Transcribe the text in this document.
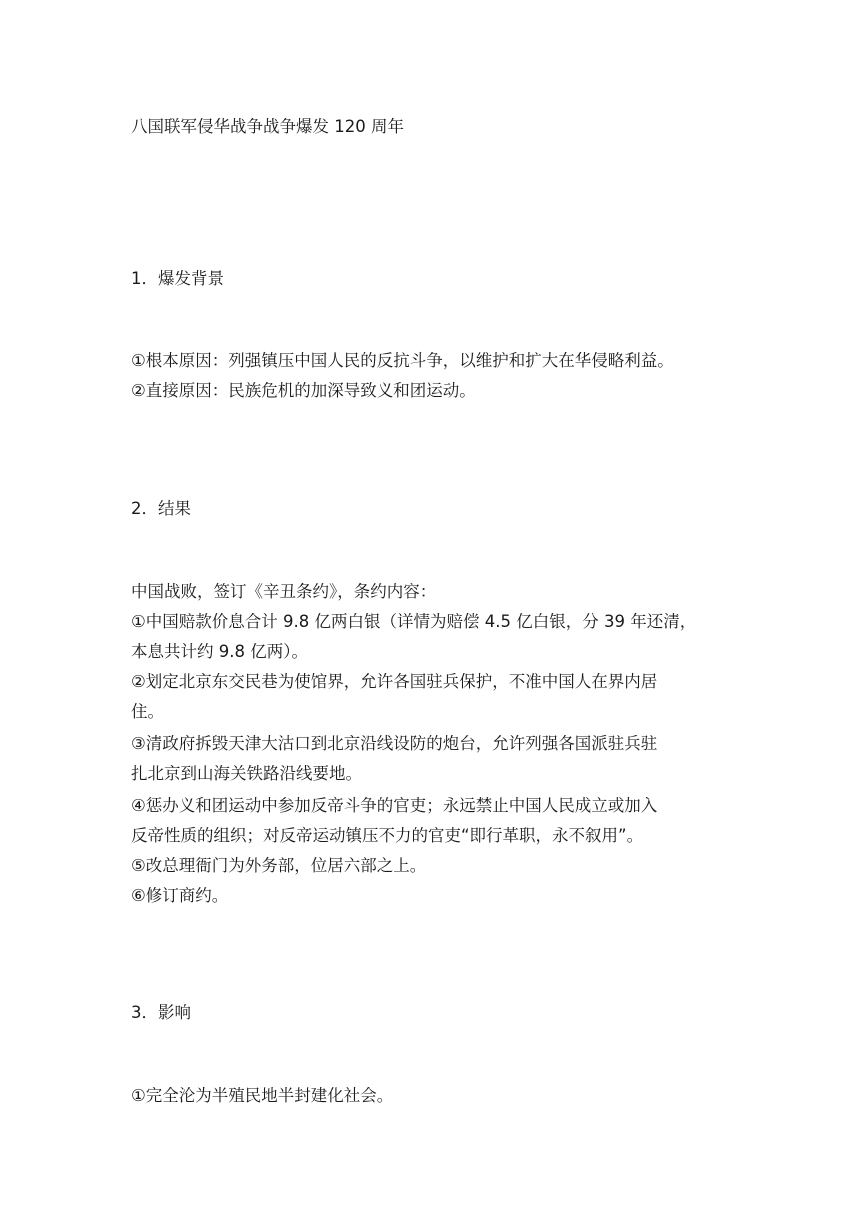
八国联军侵华战争战争爆发 120 周年
1．爆发背景
①根本原因：列强镇压中国人民的反抗斗争，以维护和扩大在华侵略利益。
②直接原因：民族危机的加深导致义和团运动。
2．结果
中国战败，签订《辛丑条约》，条约内容：
①中国赔款价息合计 9.8 亿两白银（详情为赔偿 4.5 亿白银，分 39 年还清，
本息共计约 9.8 亿两）。
②划定北京东交民巷为使馆界，允许各国驻兵保护，不准中国人在界内居
住。
③清政府拆毁天津大沽口到北京沿线设防的炮台，允许列强各国派驻兵驻
扎北京到山海关铁路沿线要地。
④惩办义和团运动中参加反帝斗争的官吏；永远禁止中国人民成立或加入
反帝性质的组织；对反帝运动镇压不力的官吏“即行革职，永不叙用”。
⑤改总理衙门为外务部，位居六部之上。
⑥修订商约。
3．影响
①完全沦为半殖民地半封建化社会。
